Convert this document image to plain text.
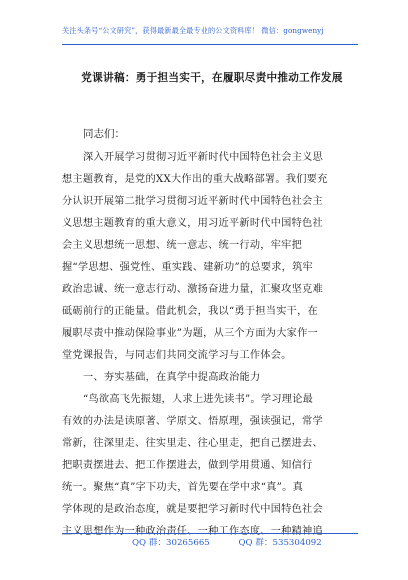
关注头条号“公文研究”，获得最新最全最专业的公文资料库！ 微信：gongwenyj
党课讲稿：勇于担当实干，在履职尽责中推动工作发展
同志们：
深入开展学习贯彻习近平新时代中国特色社会主义思
想主题教育，是党的XX大作出的重大战略部署。我们要充
分认识开展第二批学习贯彻习近平新时代中国特色社会主
义思想主题教育的重大意义，用习近平新时代中国特色社
会主义思想统一思想、统一意志、统一行动，牢牢把
握“学思想、强党性、重实践、建新功”的总要求，筑牢
政治忠诚、统一意志行动、激扬奋进力量，汇聚攻坚克难
砥砺前行的正能量。借此机会，我以“勇于担当实干，在
履职尽责中推动保险事业”为题，从三个方面为大家作一
堂党课报告，与同志们共同交流学习与工作体会。
一、夯实基础，在真学中提高政治能力
“鸟欲高飞先振翅，人求上进先读书”。学习理论最
有效的办法是读原著、学原文、悟原理，强读强记，常学
常新，往深里走、往实里走、往心里走，把自己摆进去、
把职责摆进去、把工作摆进去，做到学用贯通、知信行
统一。聚焦“真”字下功夫，首先要在学中求“真”。真
学体现的是政治态度，就是要把学习新时代中国特色社会
主义思想作为一种政治责任、一种工作态度、一种精神追
QQ 群：30265665	QQ 群：535304092
